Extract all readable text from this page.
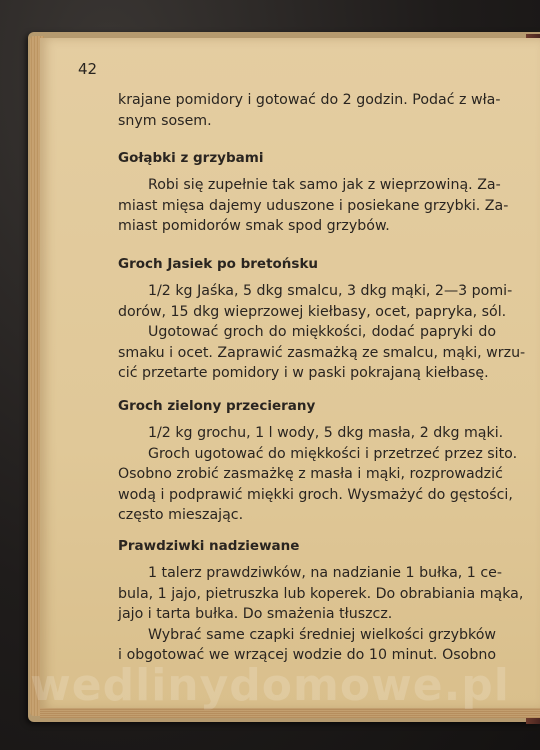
42
krajane pomidory i gotować do 2 godzin. Podać z wła-
snym sosem.
Gołąbki z grzybami
Robi się zupełnie tak samo jak z wieprzowiną. Za-
miast mięsa dajemy uduszone i posiekane grzybki. Za-
miast pomidorów smak spod grzybów.
Groch Jasiek po bretońsku
1/2 kg Jaśka, 5 dkg smalcu, 3 dkg mąki, 2—3 pomi-
dorów, 15 dkg wieprzowej kiełbasy, ocet, papryka, sól.
Ugotować groch do miękkości, dodać papryki do
smaku i ocet. Zaprawić zasmażką ze smalcu, mąki, wrzu-
cić przetarte pomidory i w paski pokrajaną kiełbasę.
Groch zielony przecierany
1/2 kg grochu, 1 l wody, 5 dkg masła, 2 dkg mąki.
Groch ugotować do miękkości i przetrzeć przez sito.
Osobno zrobić zasmażkę z masła i mąki, rozprowadzić
wodą i podprawić miękki groch. Wysmażyć do gęstości,
często mieszając.
Prawdziwki nadziewane
1 talerz prawdziwków, na nadzianie 1 bułka, 1 ce-
bula, 1 jajo, pietruszka lub koperek. Do obrabiania mąka,
jajo i tarta bułka. Do smażenia tłuszcz.
Wybrać same czapki średniej wielkości grzybków
i obgotować we wrzącej wodzie do 10 minut. Osobno
wedlinydomowe.pl
